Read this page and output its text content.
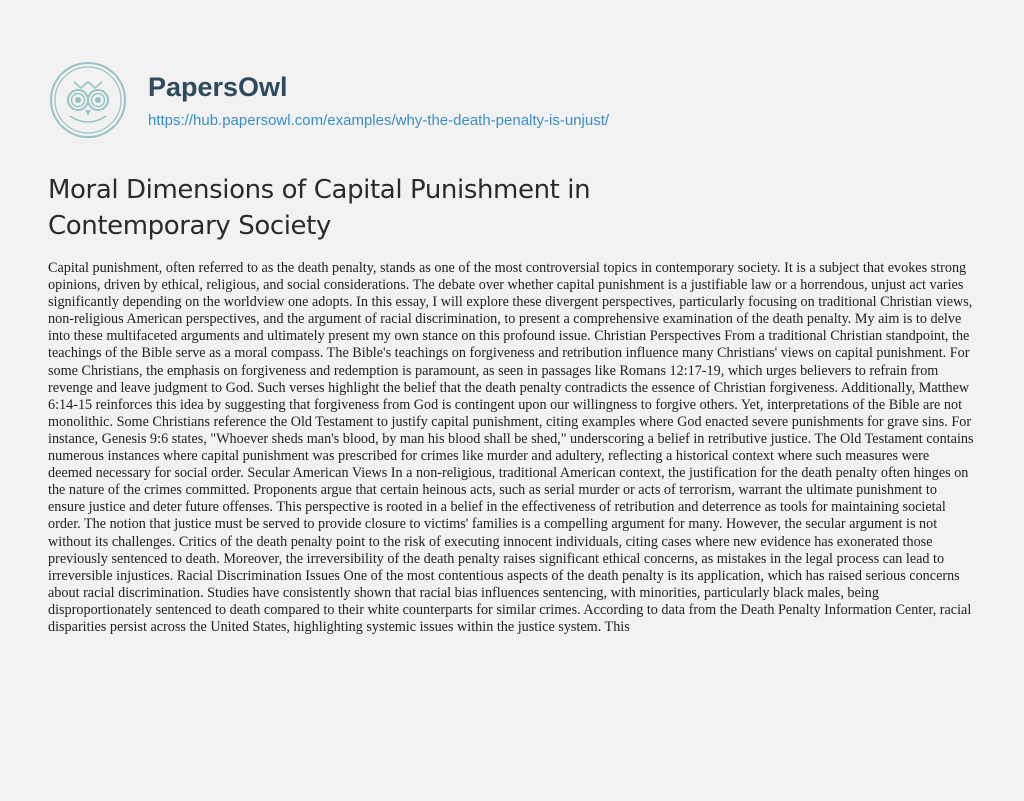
PapersOwl
https://hub.papersowl.com/examples/why-the-death-penalty-is-unjust/
Moral Dimensions of Capital Punishment in Contemporary Society

Capital punishment, often referred to as the death penalty, stands as one of the most controversial topics in contemporary society. It is a subject that evokes strong opinions, driven by ethical, religious, and social considerations. The debate over whether capital punishment is a justifiable law or a horrendous, unjust act varies significantly depending on the worldview one adopts. In this essay, I will explore these divergent perspectives, particularly focusing on traditional Christian views, non-religious American perspectives, and the argument of racial discrimination, to present a comprehensive examination of the death penalty. My aim is to delve into these multifaceted arguments and ultimately present my own stance on this profound issue. Christian Perspectives From a traditional Christian standpoint, the teachings of the Bible serve as a moral compass. The Bible's teachings on forgiveness and retribution influence many Christians' views on capital punishment. For some Christians, the emphasis on forgiveness and redemption is paramount, as seen in passages like Romans 12:17-19, which urges believers to refrain from revenge and leave judgment to God. Such verses highlight the belief that the death penalty contradicts the essence of Christian forgiveness. Additionally, Matthew 6:14-15 reinforces this idea by suggesting that forgiveness from God is contingent upon our willingness to forgive others. Yet, interpretations of the Bible are not monolithic. Some Christians reference the Old Testament to justify capital punishment, citing examples where God enacted severe punishments for grave sins. For instance, Genesis 9:6 states, "Whoever sheds man's blood, by man his blood shall be shed," underscoring a belief in retributive justice. The Old Testament contains numerous instances where capital punishment was prescribed for crimes like murder and adultery, reflecting a historical context where such measures were deemed necessary for social order. Secular American Views In a non-religious, traditional American context, the justification for the death penalty often hinges on the nature of the crimes committed. Proponents argue that certain heinous acts, such as serial murder or acts of terrorism, warrant the ultimate punishment to ensure justice and deter future offenses. This perspective is rooted in a belief in the effectiveness of retribution and deterrence as tools for maintaining societal order. The notion that justice must be served to provide closure to victims' families is a compelling argument for many. However, the secular argument is not without its challenges. Critics of the death penalty point to the risk of executing innocent individuals, citing cases where new evidence has exonerated those previously sentenced to death. Moreover, the irreversibility of the death penalty raises significant ethical concerns, as mistakes in the legal process can lead to irreversible injustices. Racial Discrimination Issues One of the most contentious aspects of the death penalty is its application, which has raised serious concerns about racial discrimination. Studies have consistently shown that racial bias influences sentencing, with minorities, particularly black males, being disproportionately sentenced to death compared to their white counterparts for similar crimes. According to data from the Death Penalty Information Center, racial disparities persist across the United States, highlighting systemic issues within the justice system. This
